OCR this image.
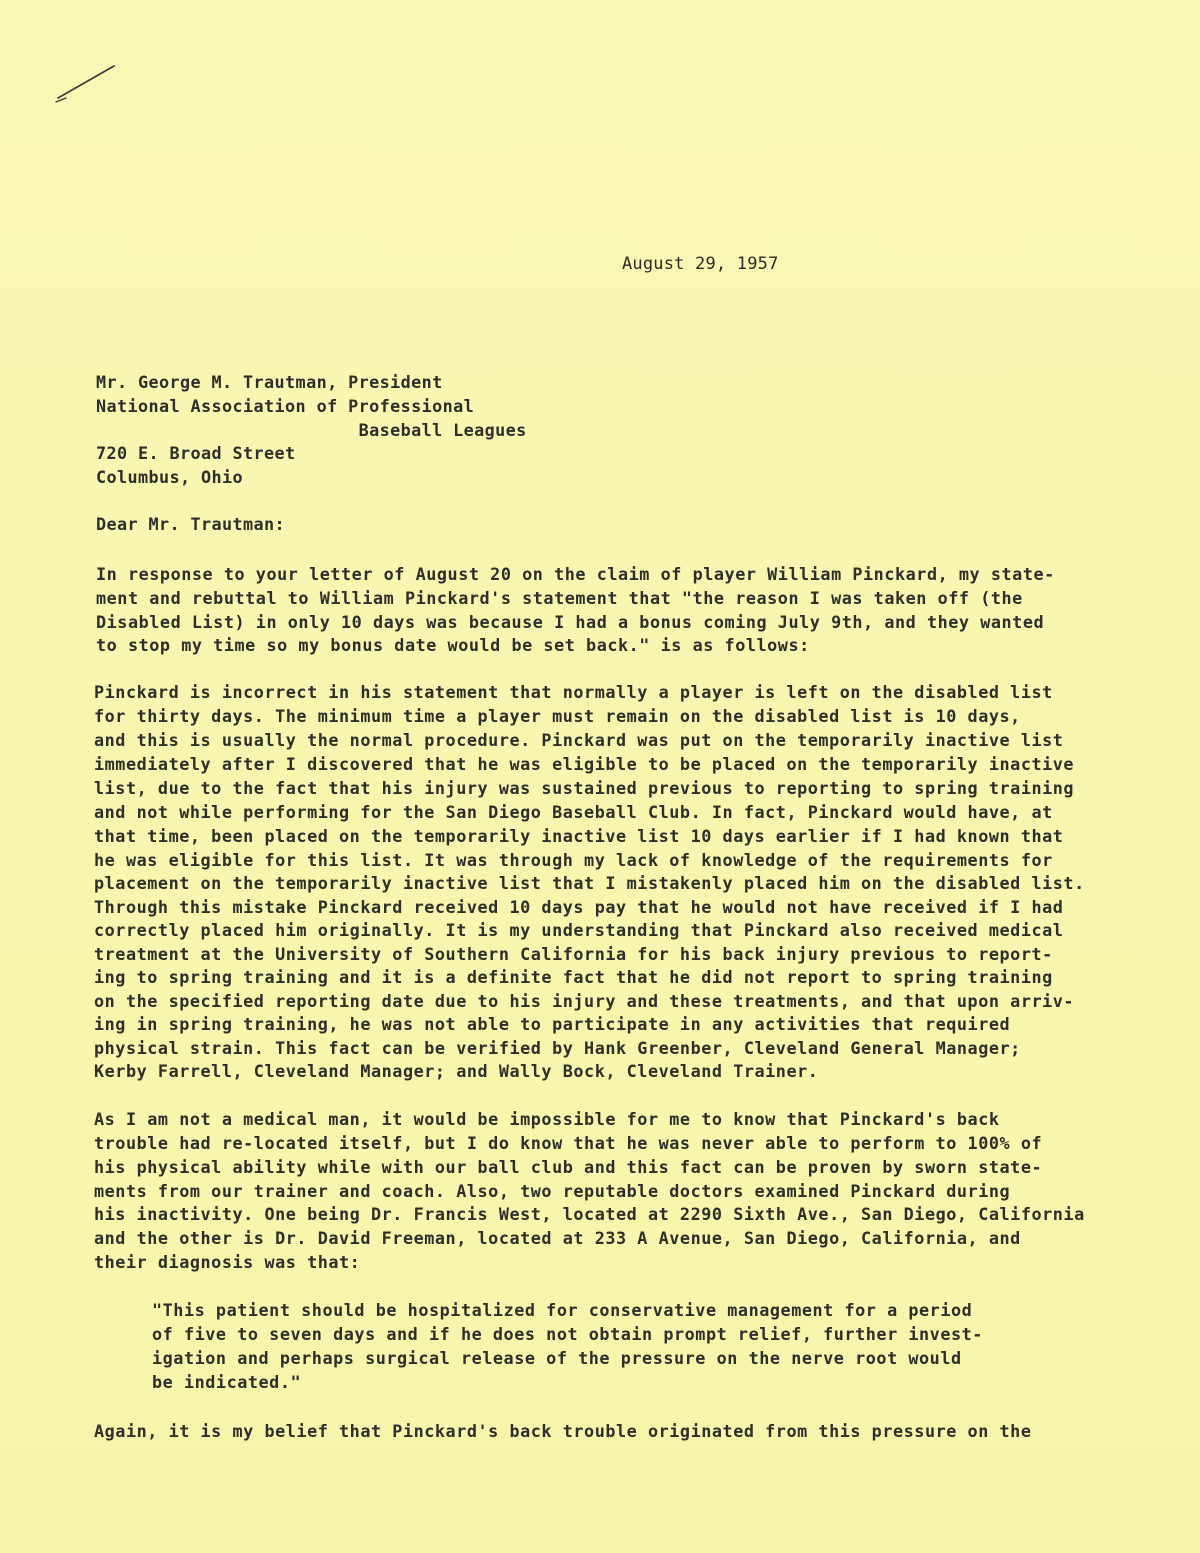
August 29, 1957
Mr. George M. Trautman, President
National Association of Professional
Baseball Leagues
720 E. Broad Street
Columbus, Ohio
Dear Mr. Trautman:
In response to your letter of August 20 on the claim of player William Pinckard, my state-
ment and rebuttal to William Pinckard's statement that "the reason I was taken off (the
Disabled List) in only 10 days was because I had a bonus coming July 9th, and they wanted
to stop my time so my bonus date would be set back." is as follows:
Pinckard is incorrect in his statement that normally a player is left on the disabled list
for thirty days. The minimum time a player must remain on the disabled list is 10 days,
and this is usually the normal procedure. Pinckard was put on the temporarily inactive list
immediately after I discovered that he was eligible to be placed on the temporarily inactive
list, due to the fact that his injury was sustained previous to reporting to spring training
and not while performing for the San Diego Baseball Club. In fact, Pinckard would have, at
that time, been placed on the temporarily inactive list 10 days earlier if I had known that
he was eligible for this list. It was through my lack of knowledge of the requirements for
placement on the temporarily inactive list that I mistakenly placed him on the disabled list.
Through this mistake Pinckard received 10 days pay that he would not have received if I had
correctly placed him originally. It is my understanding that Pinckard also received medical
treatment at the University of Southern California for his back injury previous to report-
ing to spring training and it is a definite fact that he did not report to spring training
on the specified reporting date due to his injury and these treatments, and that upon arriv-
ing in spring training, he was not able to participate in any activities that required
physical strain. This fact can be verified by Hank Greenber, Cleveland General Manager;
Kerby Farrell, Cleveland Manager; and Wally Bock, Cleveland Trainer.
As I am not a medical man, it would be impossible for me to know that Pinckard's back
trouble had re-located itself, but I do know that he was never able to perform to 100% of
his physical ability while with our ball club and this fact can be proven by sworn state-
ments from our trainer and coach. Also, two reputable doctors examined Pinckard during
his inactivity. One being Dr. Francis West, located at 2290 Sixth Ave., San Diego, California
and the other is Dr. David Freeman, located at 233 A Avenue, San Diego, California, and
their diagnosis was that:
"This patient should be hospitalized for conservative management for a period
of five to seven days and if he does not obtain prompt relief, further invest-
igation and perhaps surgical release of the pressure on the nerve root would
be indicated."
Again, it is my belief that Pinckard's back trouble originated from this pressure on the
